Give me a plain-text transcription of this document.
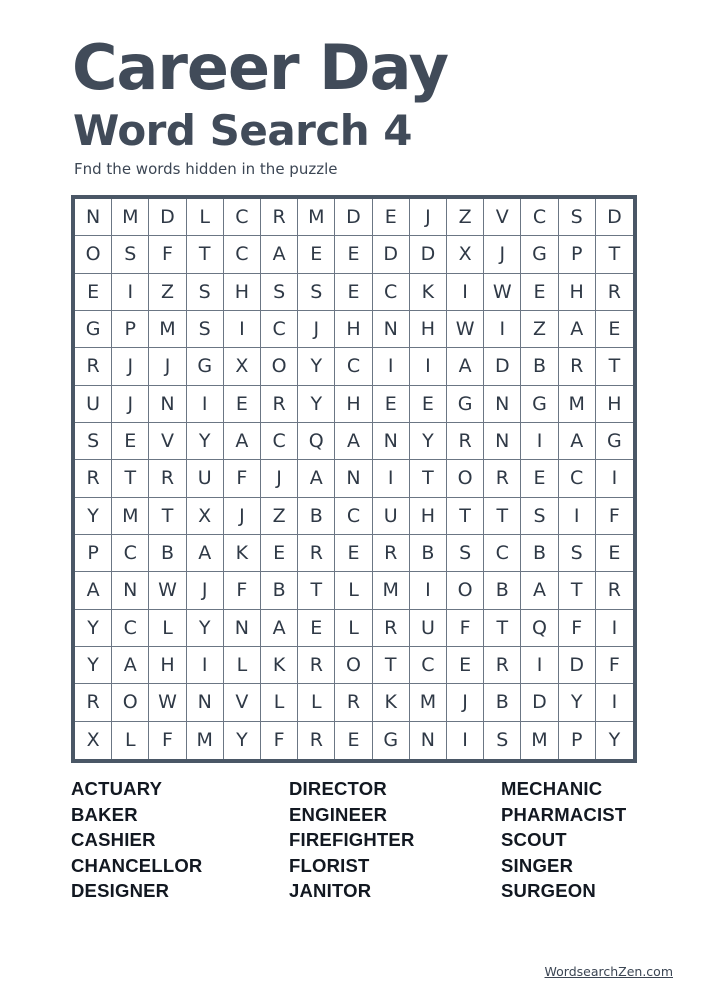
Career Day
Word Search 4
Fnd the words hidden in the puzzle
N	M	D	L	C	R	M	D	E	J	Z	V	C	S	D
O	S	F	T	C	A	E	E	D	D	X	J	G	P	T
E	I	Z	S	H	S	S	E	C	K	I	W	E	H	R
G	P	M	S	I	C	J	H	N	H	W	I	Z	A	E
R	J	J	G	X	O	Y	C	I	I	A	D	B	R	T
U	J	N	I	E	R	Y	H	E	E	G	N	G	M	H
S	E	V	Y	A	C	Q	A	N	Y	R	N	I	A	G
R	T	R	U	F	J	A	N	I	T	O	R	E	C	I
Y	M	T	X	J	Z	B	C	U	H	T	T	S	I	F
P	C	B	A	K	E	R	E	R	B	S	C	B	S	E
A	N	W	J	F	B	T	L	M	I	O	B	A	T	R
Y	C	L	Y	N	A	E	L	R	U	F	T	Q	F	I
Y	A	H	I	L	K	R	O	T	C	E	R	I	D	F
R	O	W	N	V	L	L	R	K	M	J	B	D	Y	I
X	L	F	M	Y	F	R	E	G	N	I	S	M	P	Y
ACTUARY
BAKER
CASHIER
CHANCELLOR
DESIGNER
DIRECTOR
ENGINEER
FIREFIGHTER
FLORIST
JANITOR
MECHANIC
PHARMACIST
SCOUT
SINGER
SURGEON
WordsearchZen.com
